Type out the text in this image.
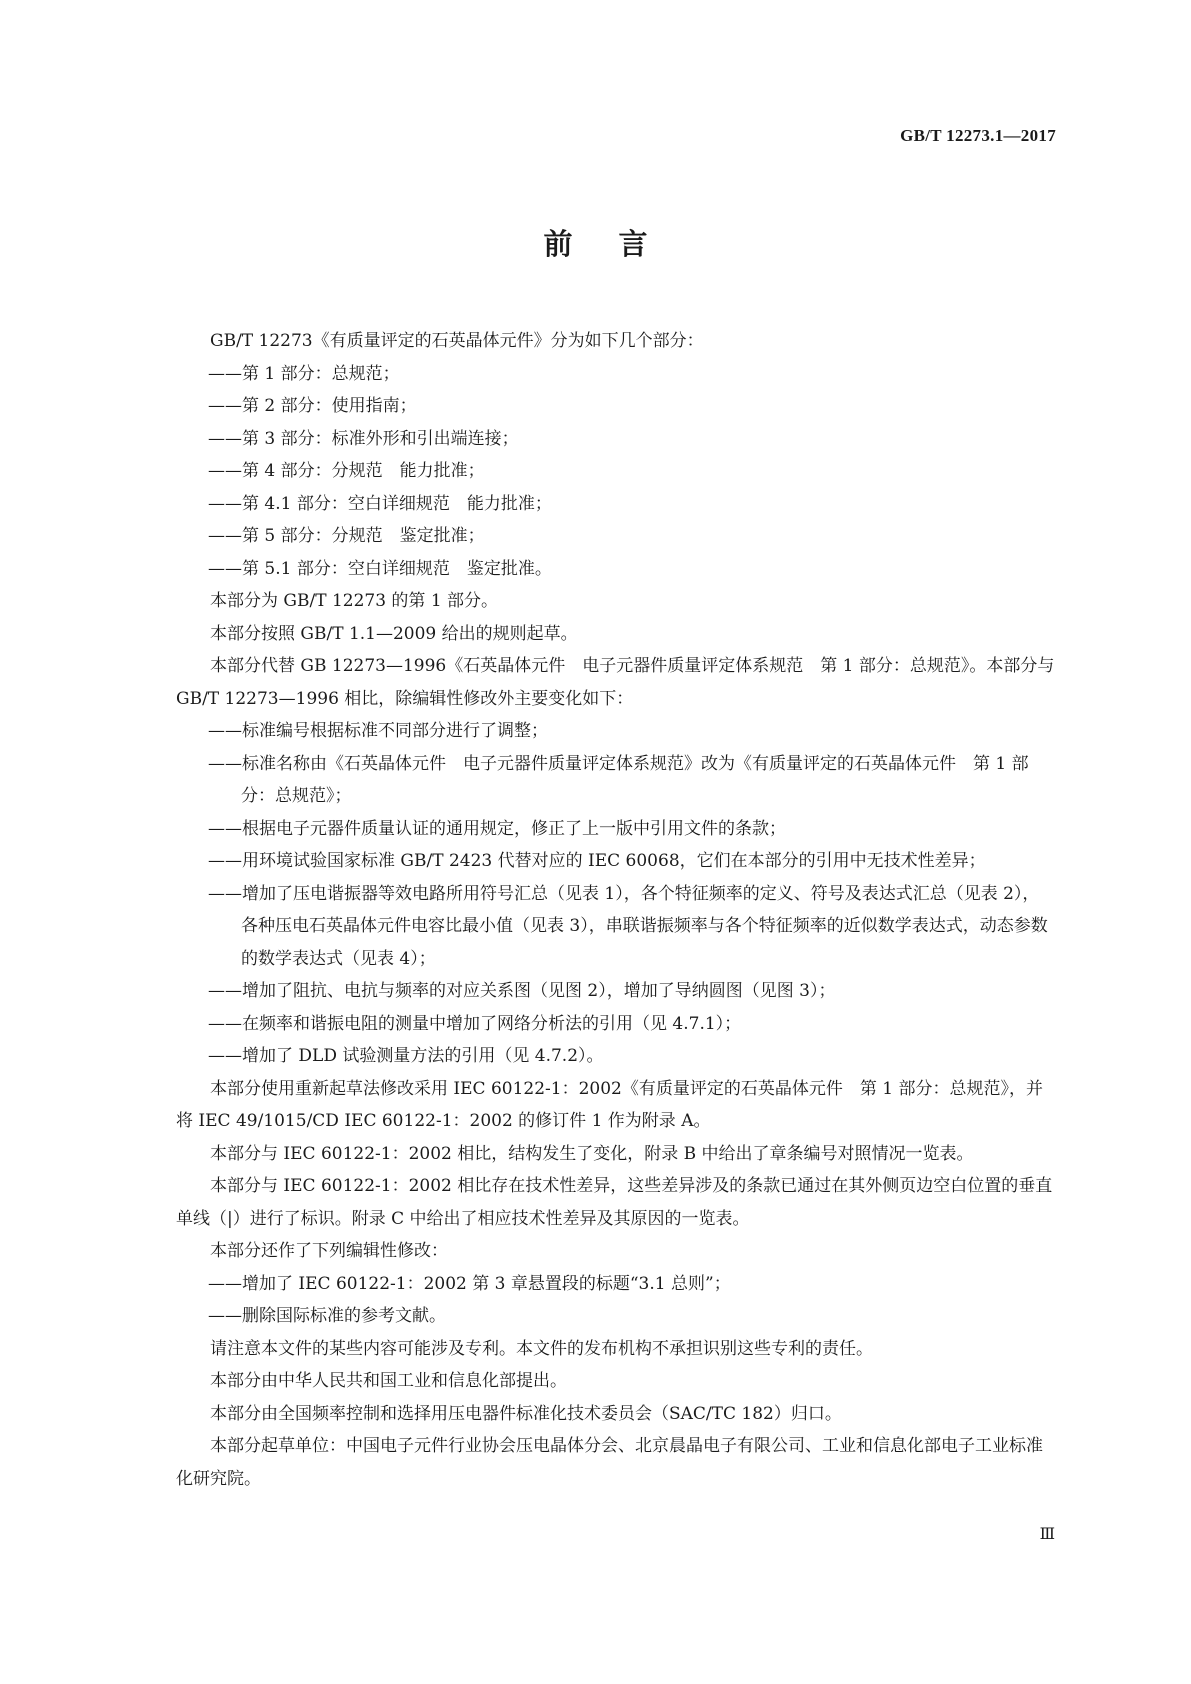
GB/T 12273.1—2017
前言

GB/T 12273《有质量评定的石英晶体元件》分为如下几个部分：

——第 1 部分：总规范；

——第 2 部分：使用指南；

——第 3 部分：标准外形和引出端连接；

——第 4 部分：分规范　能力批准；

——第 4.1 部分：空白详细规范　能力批准；

——第 5 部分：分规范　鉴定批准；

——第 5.1 部分：空白详细规范　鉴定批准。

本部分为 GB/T 12273 的第 1 部分。

本部分按照 GB/T 1.1—2009 给出的规则起草。

本部分代替 GB 12273—1996《石英晶体元件　电子元器件质量评定体系规范　第 1 部分：总规范》。本部分与 GB/T 12273—1996 相比，除编辑性修改外主要变化如下：

——标准编号根据标准不同部分进行了调整；

——标准名称由《石英晶体元件　电子元器件质量评定体系规范》改为《有质量评定的石英晶体元件　第 1 部分：总规范》；

——根据电子元器件质量认证的通用规定，修正了上一版中引用文件的条款；

——用环境试验国家标准 GB/T 2423 代替对应的 IEC 60068，它们在本部分的引用中无技术性差异；

——增加了压电谐振器等效电路所用符号汇总（见表 1），各个特征频率的定义、符号及表达式汇总（见表 2），各种压电石英晶体元件电容比最小值（见表 3），串联谐振频率与各个特征频率的近似数学表达式，动态参数的数学表达式（见表 4）；

——增加了阻抗、电抗与频率的对应关系图（见图 2），增加了导纳圆图（见图 3）；

——在频率和谐振电阻的测量中增加了网络分析法的引用（见 4.7.1）；

——增加了 DLD 试验测量方法的引用（见 4.7.2）。

本部分使用重新起草法修改采用 IEC 60122-1：2002《有质量评定的石英晶体元件　第 1 部分：总规范》，并将 IEC 49/1015/CD IEC 60122-1：2002 的修订件 1 作为附录 A。

本部分与 IEC 60122-1：2002 相比，结构发生了变化，附录 B 中给出了章条编号对照情况一览表。

本部分与 IEC 60122-1：2002 相比存在技术性差异，这些差异涉及的条款已通过在其外侧页边空白位置的垂直单线（|）进行了标识。附录 C 中给出了相应技术性差异及其原因的一览表。

本部分还作了下列编辑性修改：

——增加了 IEC 60122-1：2002 第 3 章悬置段的标题“3.1 总则”；

——删除国际标准的参考文献。

请注意本文件的某些内容可能涉及专利。本文件的发布机构不承担识别这些专利的责任。

本部分由中华人民共和国工业和信息化部提出。

本部分由全国频率控制和选择用压电器件标准化技术委员会（SAC/TC 182）归口。

本部分起草单位：中国电子元件行业协会压电晶体分会、北京晨晶电子有限公司、工业和信息化部电子工业标准化研究院。

Ⅲ
